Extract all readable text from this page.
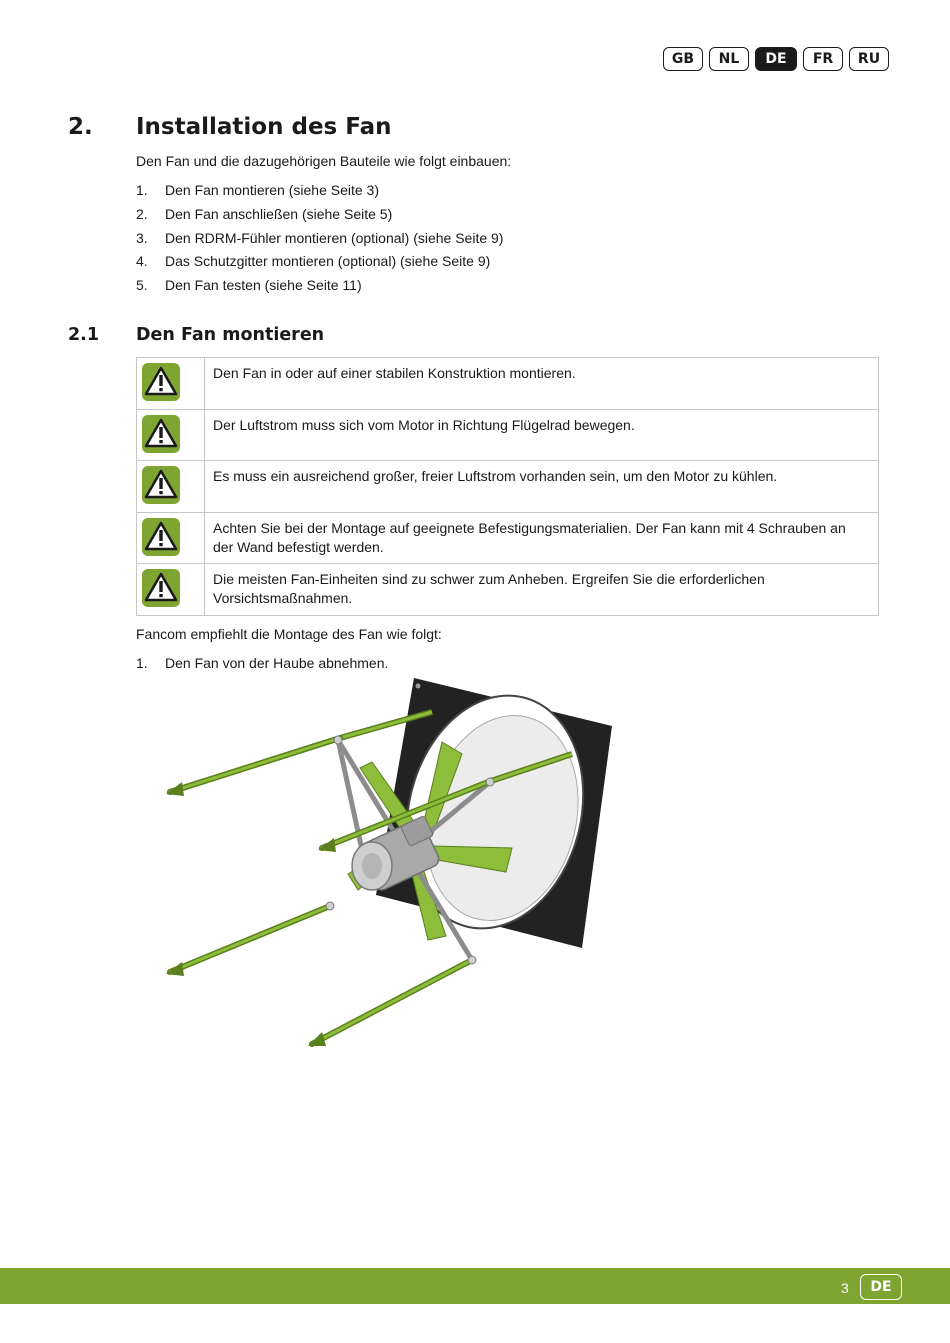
GB	NL	DE	FR	RU
2. Installation des Fan
Den Fan und die dazugehörigen Bauteile wie folgt einbauen:
1.	Den Fan montieren (siehe Seite 3)
2.	Den Fan anschließen (siehe Seite 5)
3.	Den RDRM-Fühler montieren (optional) (siehe Seite 9)
4.	Das Schutzgitter montieren (optional) (siehe Seite 9)
5.	Den Fan testen (siehe Seite 11)
2.1 Den Fan montieren
	Den Fan in oder auf einer stabilen Konstruktion montieren.

	Der Luftstrom muss sich vom Motor in Richtung Flügelrad bewegen.

	Es muss ein ausreichend großer, freier Luftstrom vorhanden sein, um den Motor zu kühlen.

	Achten Sie bei der Montage auf geeignete Befestigungsmaterialien. Der Fan kann mit 4 Schrauben an der Wand befestigt werden.

	Die meisten Fan-Einheiten sind zu schwer zum Anheben. Ergreifen Sie die erforderlichen Vorsichtsmaßnahmen.
Fancom empfiehlt die Montage des Fan wie folgt:
1.	Den Fan von der Haube abnehmen.
3	DE
